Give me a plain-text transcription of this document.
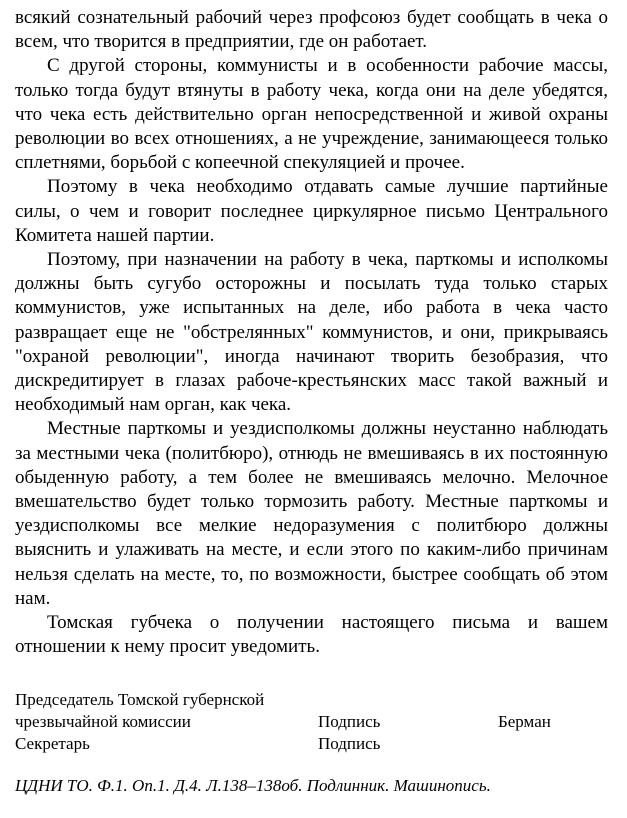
всякий сознательный рабочий через профсоюз будет сообщать в чека о всем, что творится в предприятии, где он работает.

С другой стороны, коммунисты и в особенности рабочие массы, только тогда будут втянуты в работу чека, когда они на деле убедятся, что чека есть действительно орган непосредственной и живой охраны революции во всех отношениях, а не учреждение, занимающееся только сплетнями, борьбой с копеечной спекуляцией и прочее.

Поэтому в чека необходимо отдавать самые лучшие партийные силы, о чем и говорит последнее циркулярное письмо Центрального Комитета нашей партии.

Поэтому, при назначении на работу в чека, парткомы и исполкомы должны быть сугубо осторожны и посылать туда только старых коммунистов, уже испытанных на деле, ибо работа в чека часто развращает еще не "обстрелянных" коммунистов, и они, прикрываясь "охраной революции", иногда начинают творить безобразия, что дискредитирует в глазах рабоче-крестьянских масс такой важный и необходимый нам орган, как чека.

Местные парткомы и уездисполкомы должны неустанно наблюдать за местными чека (политбюро), отнюдь не вмешиваясь в их постоянную обыденную работу, а тем более не вмешиваясь мелочно. Мелочное вмешательство будет только тормозить работу. Местные парткомы и уездисполкомы все мелкие недоразумения с политбюро должны выяснить и улаживать на месте, и если этого по каким-либо причинам нельзя сделать на месте, то, по возможности, быстрее сообщать об этом нам.

Томская губчека о получении настоящего письма и вашем отношении к нему просит уведомить.

Председатель Томской губернской
чрезвычайной комиссии	Подпись	Берман
Секретарь	Подпись
ЦДНИ ТО. Ф.1. Оп.1. Д.4. Л.138–138об. Подлинник. Машинопись.
